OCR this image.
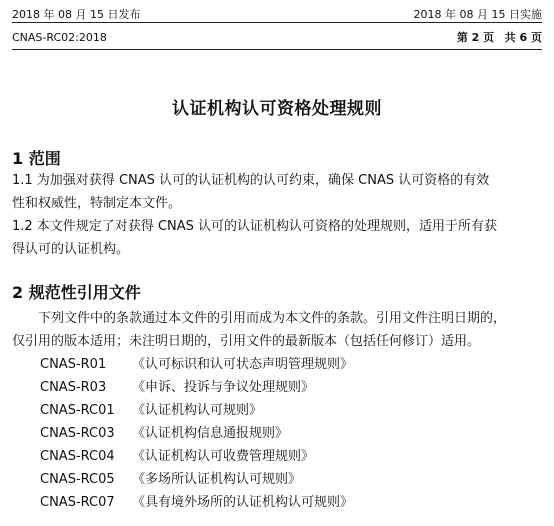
2018 年 08 月 15 日发布	2018 年 08 月 15 日实施
CNAS-RC02:2018	第 2 页 共 6 页
认证机构认可资格处理规则
1 范围

1.1 为加强对获得 CNAS 认可的认证机构的认可约束，确保 CNAS 认可资格的有效

性和权威性，特制定本文件。

1.2 本文件规定了对获得 CNAS 认可的认证机构认可资格的处理规则，适用于所有获

得认可的认证机构。

2 规范性引用文件

下列文件中的条款通过本文件的引用而成为本文件的条款。引用文件注明日期的，

仅引用的版本适用；未注明日期的，引用文件的最新版本（包括任何修订）适用。

CNAS-R01	《认可标识和认可状态声明管理规则》
CNAS-R03	《申诉、投诉与争议处理规则》
CNAS-RC01	《认证机构认可规则》
CNAS-RC03	《认证机构信息通报规则》
CNAS-RC04	《认证机构认可收费管理规则》
CNAS-RC05	《多场所认证机构认可规则》
CNAS-RC07	《具有境外场所的认证机构认可规则》
